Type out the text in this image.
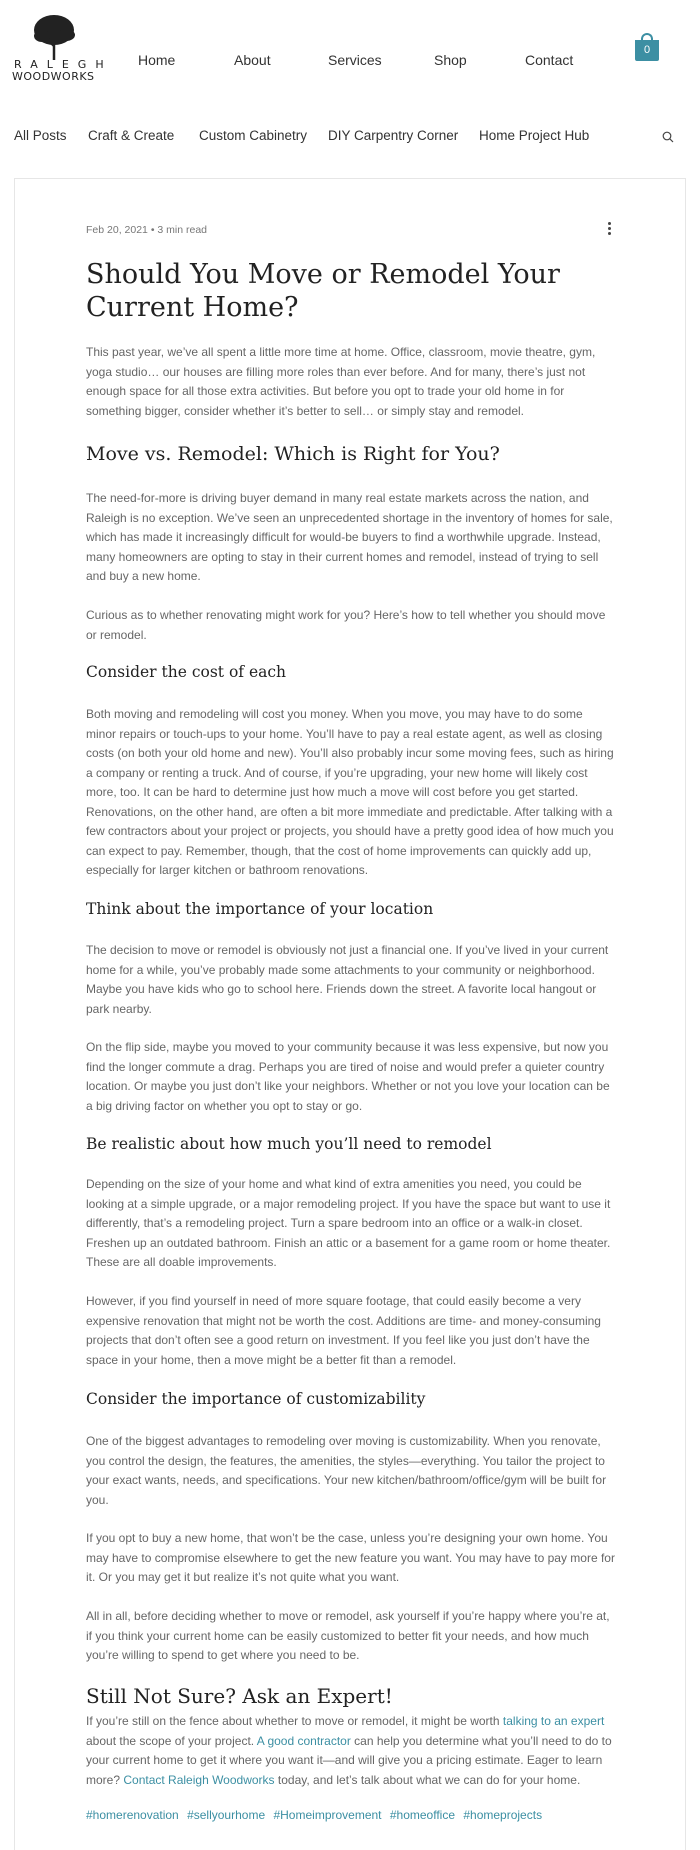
RALEGH
WOODWORKS
Home	About	Services	Shop	Contact
0
All Posts Craft & Create Custom Cabinetry DIY Carpentry Corner Home Project Hub
Feb 20, 2021 • 3 min read
Should You Move or Remodel Your Current Home?

This past year, we’ve all spent a little more time at home. Office, classroom, movie theatre, gym, yoga studio… our houses are filling more roles than ever before. And for many, there’s just not enough space for all those extra activities. But before you opt to trade your old home in for something bigger, consider whether it’s better to sell… or simply stay and remodel.

Move vs. Remodel: Which is Right for You?

The need-for-more is driving buyer demand in many real estate markets across the nation, and Raleigh is no exception. We’ve seen an unprecedented shortage in the inventory of homes for sale, which has made it increasingly difficult for would-be buyers to find a worthwhile upgrade. Instead, many homeowners are opting to stay in their current homes and remodel, instead of trying to sell and buy a new home.

Curious as to whether renovating might work for you? Here’s how to tell whether you should move or remodel.

Consider the cost of each

Both moving and remodeling will cost you money. When you move, you may have to do some minor repairs or touch-ups to your home. You’ll have to pay a real estate agent, as well as closing costs (on both your old home and new). You’ll also probably incur some moving fees, such as hiring a company or renting a truck. And of course, if you’re upgrading, your new home will likely cost more, too. It can be hard to determine just how much a move will cost before you get started. Renovations, on the other hand, are often a bit more immediate and predictable. After talking with a few contractors about your project or projects, you should have a pretty good idea of how much you can expect to pay. Remember, though, that the cost of home improvements can quickly add up, especially for larger kitchen or bathroom renovations.

Think about the importance of your location

The decision to move or remodel is obviously not just a financial one. If you’ve lived in your current home for a while, you’ve probably made some attachments to your community or neighborhood. Maybe you have kids who go to school here. Friends down the street. A favorite local hangout or park nearby.

On the flip side, maybe you moved to your community because it was less expensive, but now you find the longer commute a drag. Perhaps you are tired of noise and would prefer a quieter country location. Or maybe you just don’t like your neighbors. Whether or not you love your location can be a big driving factor on whether you opt to stay or go.

Be realistic about how much you’ll need to remodel

Depending on the size of your home and what kind of extra amenities you need, you could be looking at a simple upgrade, or a major remodeling project. If you have the space but want to use it differently, that’s a remodeling project. Turn a spare bedroom into an office or a walk-in closet. Freshen up an outdated bathroom. Finish an attic or a basement for a game room or home theater. These are all doable improvements.

However, if you find yourself in need of more square footage, that could easily become a very expensive renovation that might not be worth the cost. Additions are time- and money-consuming projects that don’t often see a good return on investment. If you feel like you just don’t have the space in your home, then a move might be a better fit than a remodel.

Consider the importance of customizability

One of the biggest advantages to remodeling over moving is customizability. When you renovate, you control the design, the features, the amenities, the styles—everything. You tailor the project to your exact wants, needs, and specifications. Your new kitchen/bathroom/office/gym will be built for you.

If you opt to buy a new home, that won’t be the case, unless you’re designing your own home. You may have to compromise elsewhere to get the new feature you want. You may have to pay more for it. Or you may get it but realize it’s not quite what you want.

All in all, before deciding whether to move or remodel, ask yourself if you’re happy where you’re at, if you think your current home can be easily customized to better fit your needs, and how much you’re willing to spend to get where you need to be.

Still Not Sure? Ask an Expert!

If you’re still on the fence about whether to move or remodel, it might be worth talking to an expert about the scope of your project. A good contractor can help you determine what you’ll need to do to your current home to get it where you want it—and will give you a pricing estimate. Eager to learn more? Contact Raleigh Woodworks today, and let’s talk about what we can do for your home.

#homerenovation #sellyourhome #Homeimprovement #homeoffice #homeprojects
